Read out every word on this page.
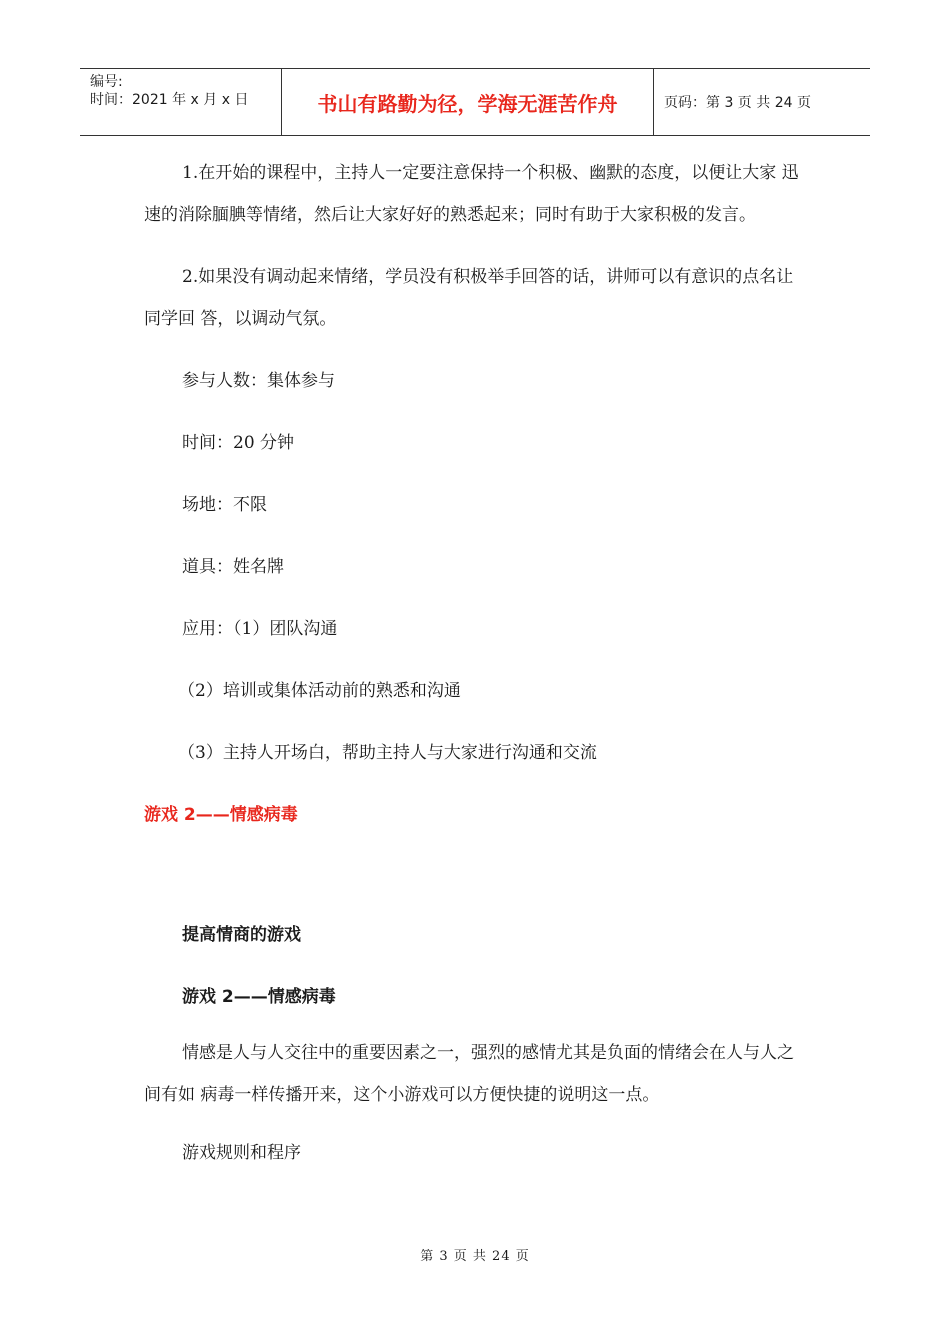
编号:
时间：2021 年 x 月 x 日	书山有路勤为径，学海无涯苦作舟	页码：第 3 页 共 24 页

1.在开始的课程中，主持人一定要注意保持一个积极、幽默的态度，以便让大家 迅速的消除腼腆等情绪，然后让大家好好的熟悉起来；同时有助于大家积极的发言。

2.如果没有调动起来情绪，学员没有积极举手回答的话，讲师可以有意识的点名让同学回 答，以调动气氛。

参与人数：集体参与

时间：20 分钟

场地：不限

道具：姓名牌

应用：（1）团队沟通

（2）培训或集体活动前的熟悉和沟通

（3）主持人开场白，帮助主持人与大家进行沟通和交流

游戏 2——情感病毒

提高情商的游戏

游戏 2——情感病毒

情感是人与人交往中的重要因素之一，强烈的感情尤其是负面的情绪会在人与人之间有如 病毒一样传播开来，这个小游戏可以方便快捷的说明这一点。

游戏规则和程序

第 3 页 共 24 页
